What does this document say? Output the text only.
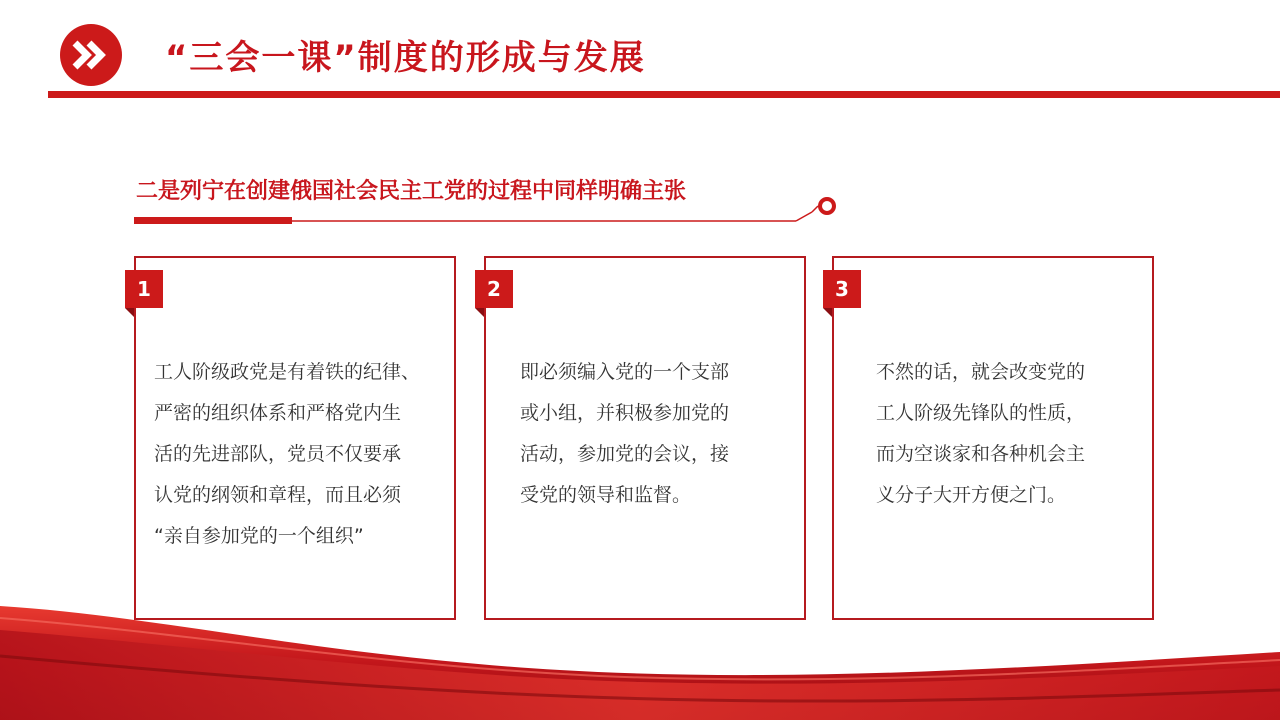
“三会一课”制度的形成与发展
二是列宁在创建俄国社会民主工党的过程中同样明确主张
1
工人阶级政党是有着铁的纪律、
严密的组织体系和严格党内生
活的先进部队，党员不仅要承
认党的纲领和章程，而且必须
“亲自参加党的一个组织”
2
即必须编入党的一个支部
或小组，并积极参加党的
活动，参加党的会议，接
受党的领导和监督。
3
不然的话，就会改变党的
工人阶级先锋队的性质，
而为空谈家和各种机会主
义分子大开方便之门。
